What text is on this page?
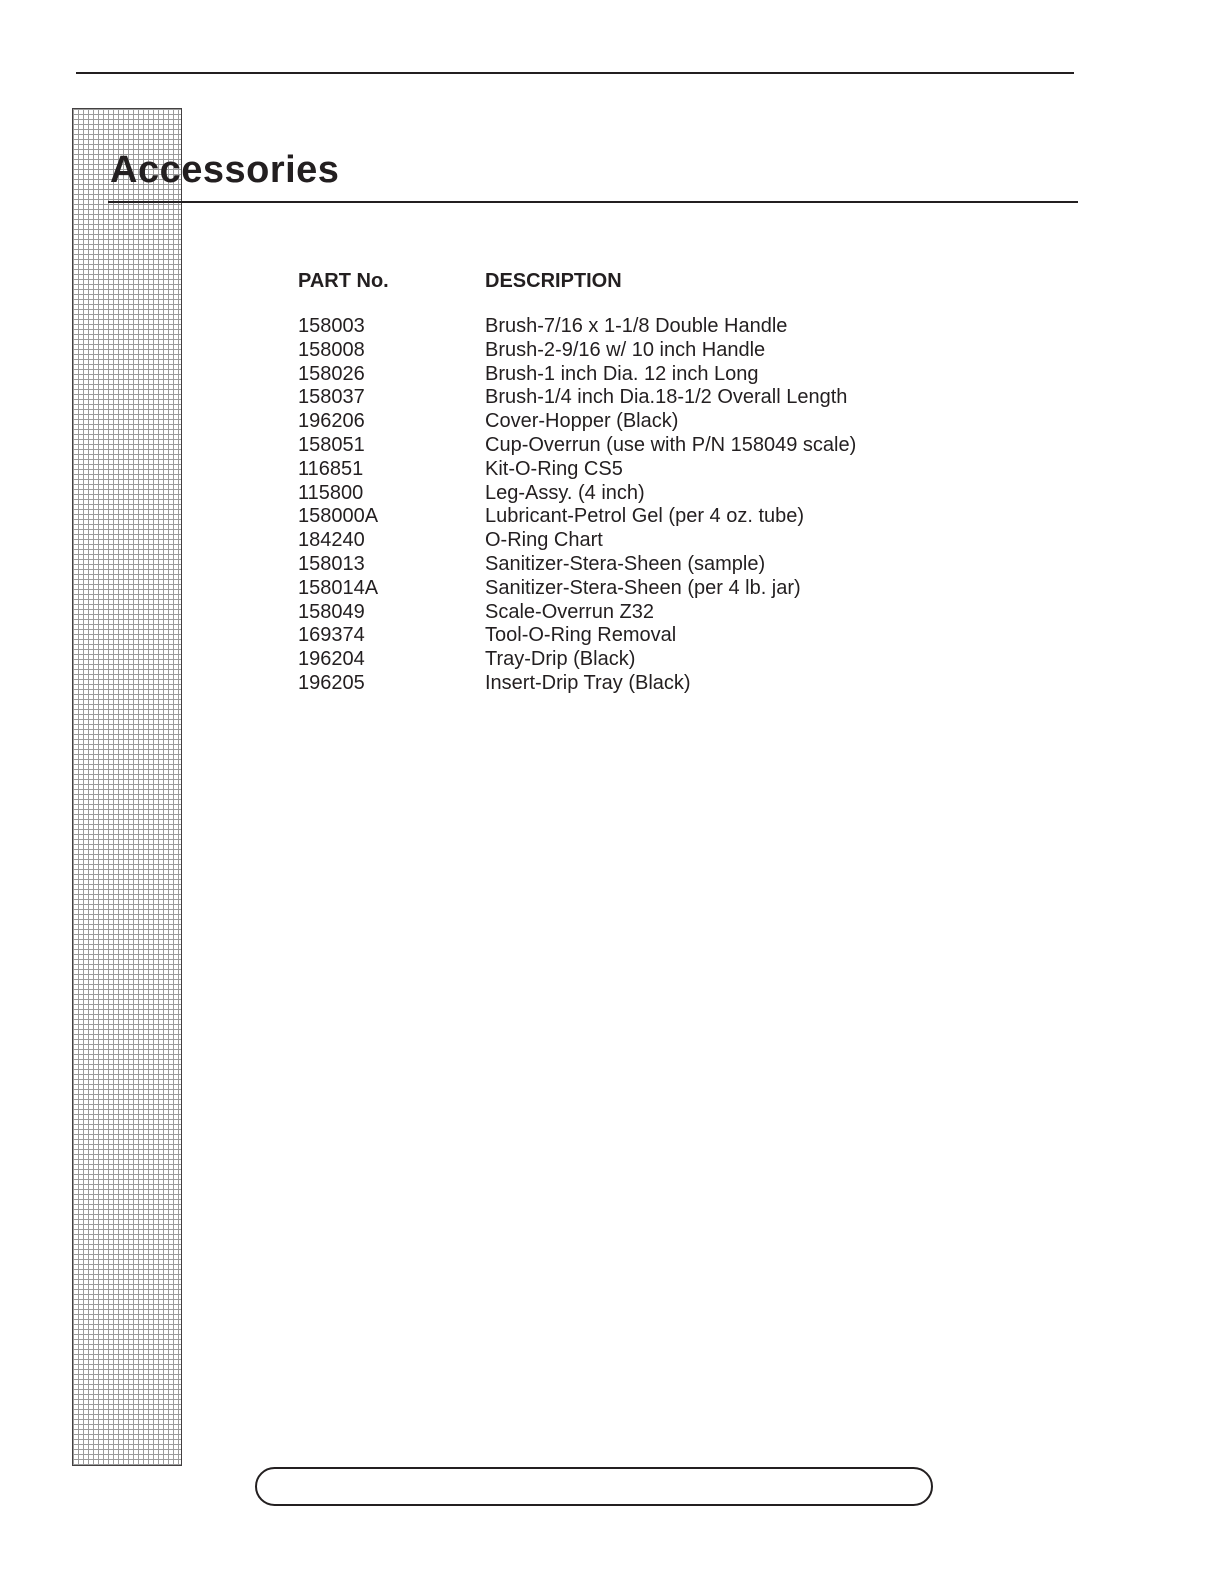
Accessories
PART No.	DESCRIPTION
158003	Brush-7/16 x 1-1/8 Double Handle
158008	Brush-2-9/16 w/ 10 inch Handle
158026	Brush-1 inch Dia. 12 inch Long
158037	Brush-1/4 inch Dia.18-1/2 Overall Length
196206	Cover-Hopper (Black)
158051	Cup-Overrun (use with P/N 158049 scale)
116851	Kit-O-Ring CS5
115800	Leg-Assy. (4 inch)
158000A	Lubricant-Petrol Gel (per 4 oz. tube)
184240	O-Ring Chart
158013	Sanitizer-Stera-Sheen (sample)
158014A	Sanitizer-Stera-Sheen (per 4 lb. jar)
158049	Scale-Overrun Z32
169374	Tool-O-Ring Removal
196204	Tray-Drip (Black)
196205	Insert-Drip Tray (Black)
